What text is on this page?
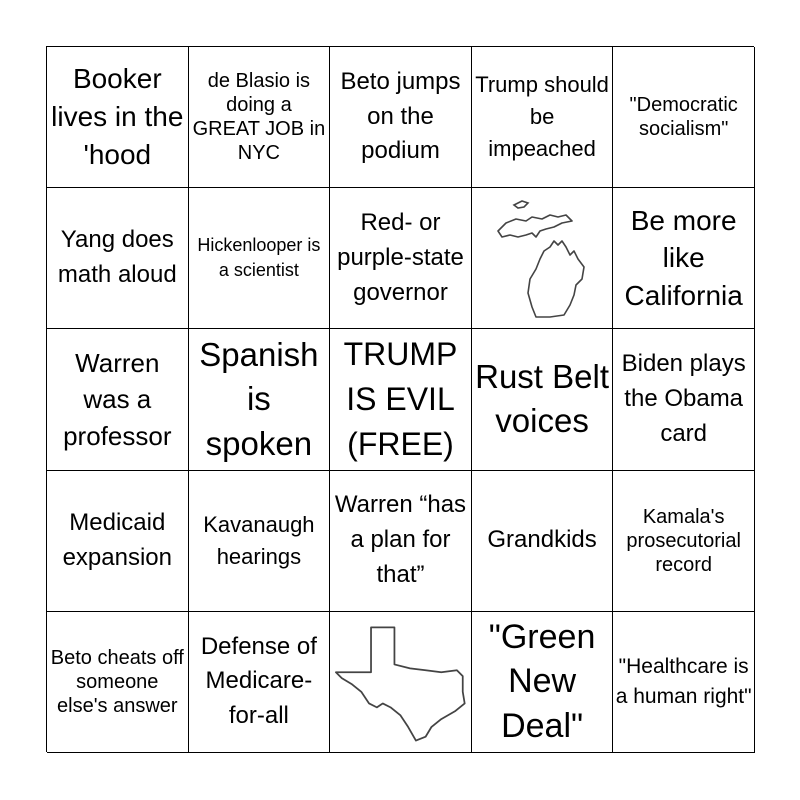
Booker lives in the 'hood
de Blasio is doing a GREAT JOB in NYC
Beto jumps on the podium
Trump should be impeached
"Democratic socialism"
Yang does math aloud
Hickenlooper is a scientist
Red- or purple-state governor
Be more like California
Warren was a professor
Spanish is spoken
TRUMP IS EVIL (FREE)
Rust Belt voices
Biden plays the Obama card
Medicaid expansion
Kavanaugh hearings
Warren “has a plan for that”
Grandkids
Kamala's prosecutorial record
Beto cheats off someone else's answer
Defense of Medicare-for-all
"Green New Deal"
"Healthcare is a human right"
